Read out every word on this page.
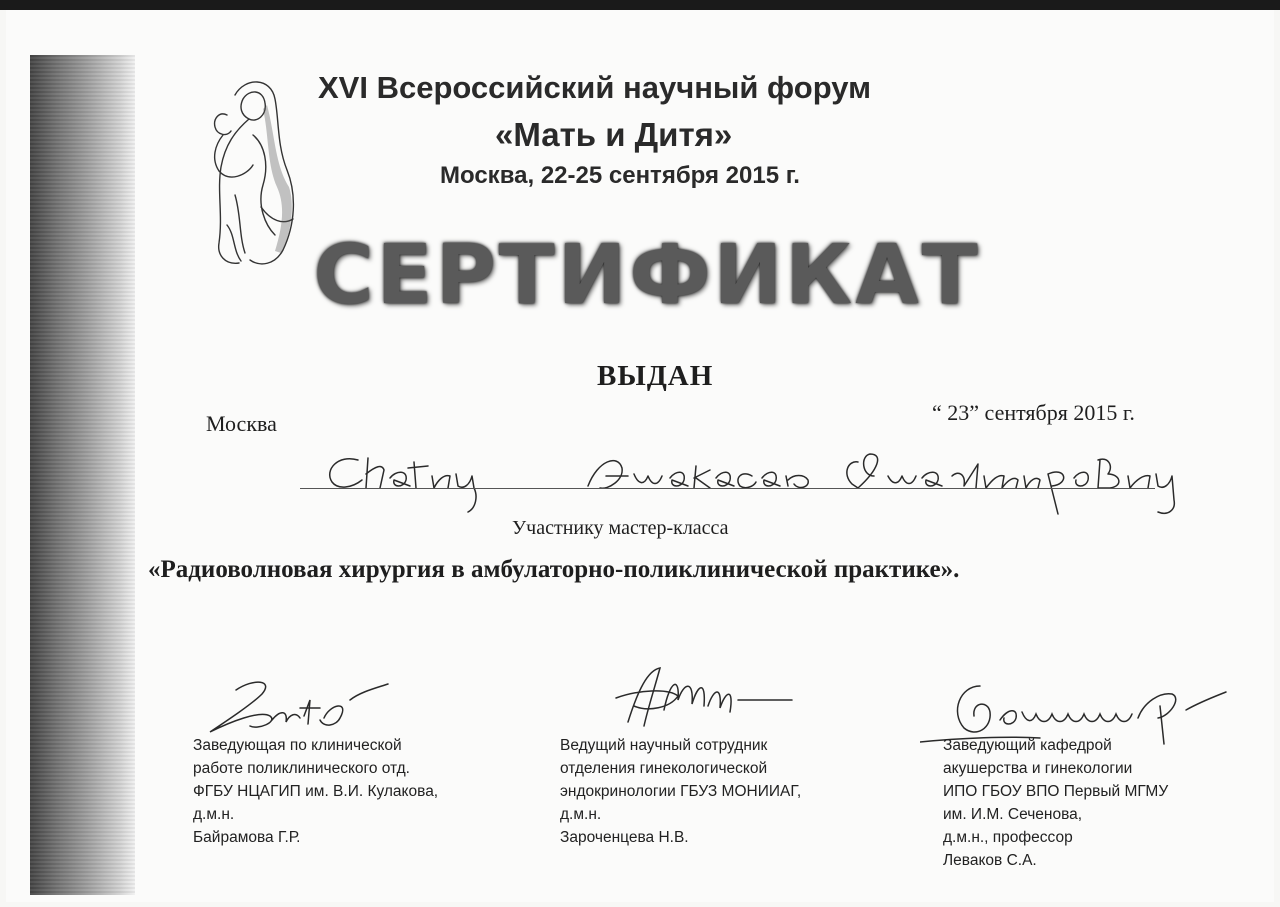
XVI Всероссийский научный форум
«Мать и Дитя»
Москва, 22-25 сентября 2015 г.
СЕРТИФИКАТ
ВЫДАН
Москва	“ 23” сентября 2015 г.
Участнику мастер-класса
«Радиоволновая хирургия в амбулаторно-поликлинической практике».
Заведующая по клинической
работе поликлинического отд.
ФГБУ НЦАГИП им. В.И. Кулакова,
д.м.н.
Байрамова Г.Р.
Ведущий научный сотрудник
отделения гинекологической
эндокринологии ГБУЗ МОНИИАГ,
д.м.н.
Зароченцева Н.В.
Заведующий кафедрой
акушерства и гинекологии
ИПО ГБОУ ВПО Первый МГМУ
им. И.М. Сеченова,
д.м.н., профессор
Леваков С.А.
